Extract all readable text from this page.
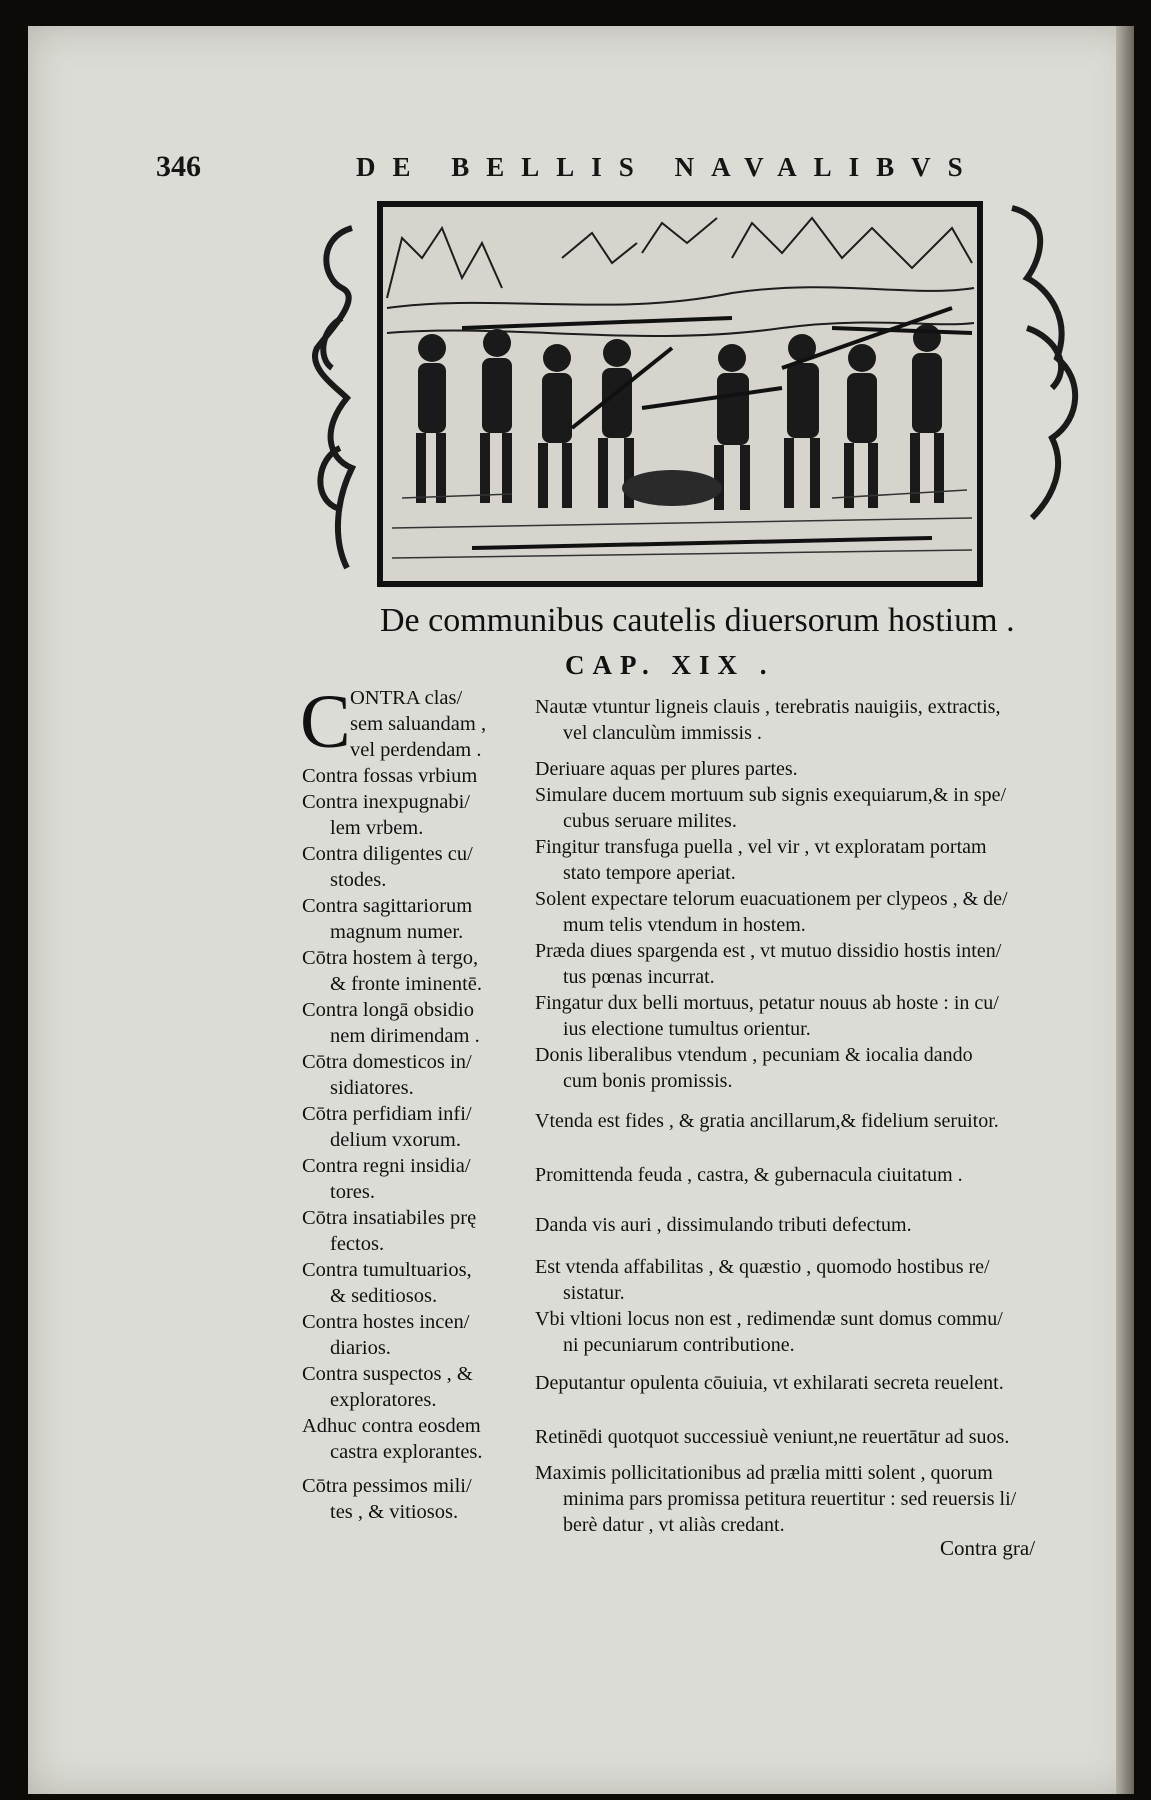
346	DE BELLIS NAVALIBVS
De communibus cautelis diuersorum hostium .
CAP. XIX .
C ONTRA clas/
sem saluandam ,
vel perdendam .
Contra fossas vrbium
Contra inexpugnabi/
lem vrbem.
Contra diligentes cu/
stodes.
Contra sagittariorum
magnum numer.
Cōtra hostem à tergo,
& fronte iminentē.
Contra longā obsidio
nem dirimendam .
Cōtra domesticos in/
sidiatores.
Cōtra perfidiam infi/
delium vxorum.
Contra regni insidia/
tores.
Cōtra insatiabiles prę
fectos.
Contra tumultuarios,
& seditiosos.
Contra hostes incen/
diarios.
Contra suspectos , &
exploratores.
Adhuc contra eosdem
castra explorantes.
Cōtra pessimos mili/
tes , & vitiosos.
Nautæ vtuntur ligneis clauis , terebratis nauigiis, extractis,
vel clanculùm immissis .
Deriuare aquas per plures partes.
Simulare ducem mortuum sub signis exequiarum,& in spe/
cubus seruare milites.
Fingitur transfuga puella , vel vir , vt exploratam portam
stato tempore aperiat.
Solent expectare telorum euacuationem per clypeos , & de/
mum telis vtendum in hostem.
Præda diues spargenda est , vt mutuo dissidio hostis inten/
tus pœnas incurrat.
Fingatur dux belli mortuus, petatur nouus ab hoste : in cu/
ius electione tumultus orientur.
Donis liberalibus vtendum , pecuniam & iocalia dando
cum bonis promissis.
Vtenda est fides , & gratia ancillarum,& fidelium seruitor.
Promittenda feuda , castra, & gubernacula ciuitatum .
Danda vis auri , dissimulando tributi defectum.
Est vtenda affabilitas , & quæstio , quomodo hostibus re/
sistatur.
Vbi vltioni locus non est , redimendæ sunt domus commu/
ni pecuniarum contributione.
Deputantur opulenta cōuiuia, vt exhilarati secreta reuelent.
Retinēdi quotquot successiuè veniunt,ne reuertātur ad suos.
Maximis pollicitationibus ad prælia mitti solent , quorum
minima pars promissa petitura reuertitur : sed reuersis li/
berè datur , vt aliàs credant.
Contra gra/
